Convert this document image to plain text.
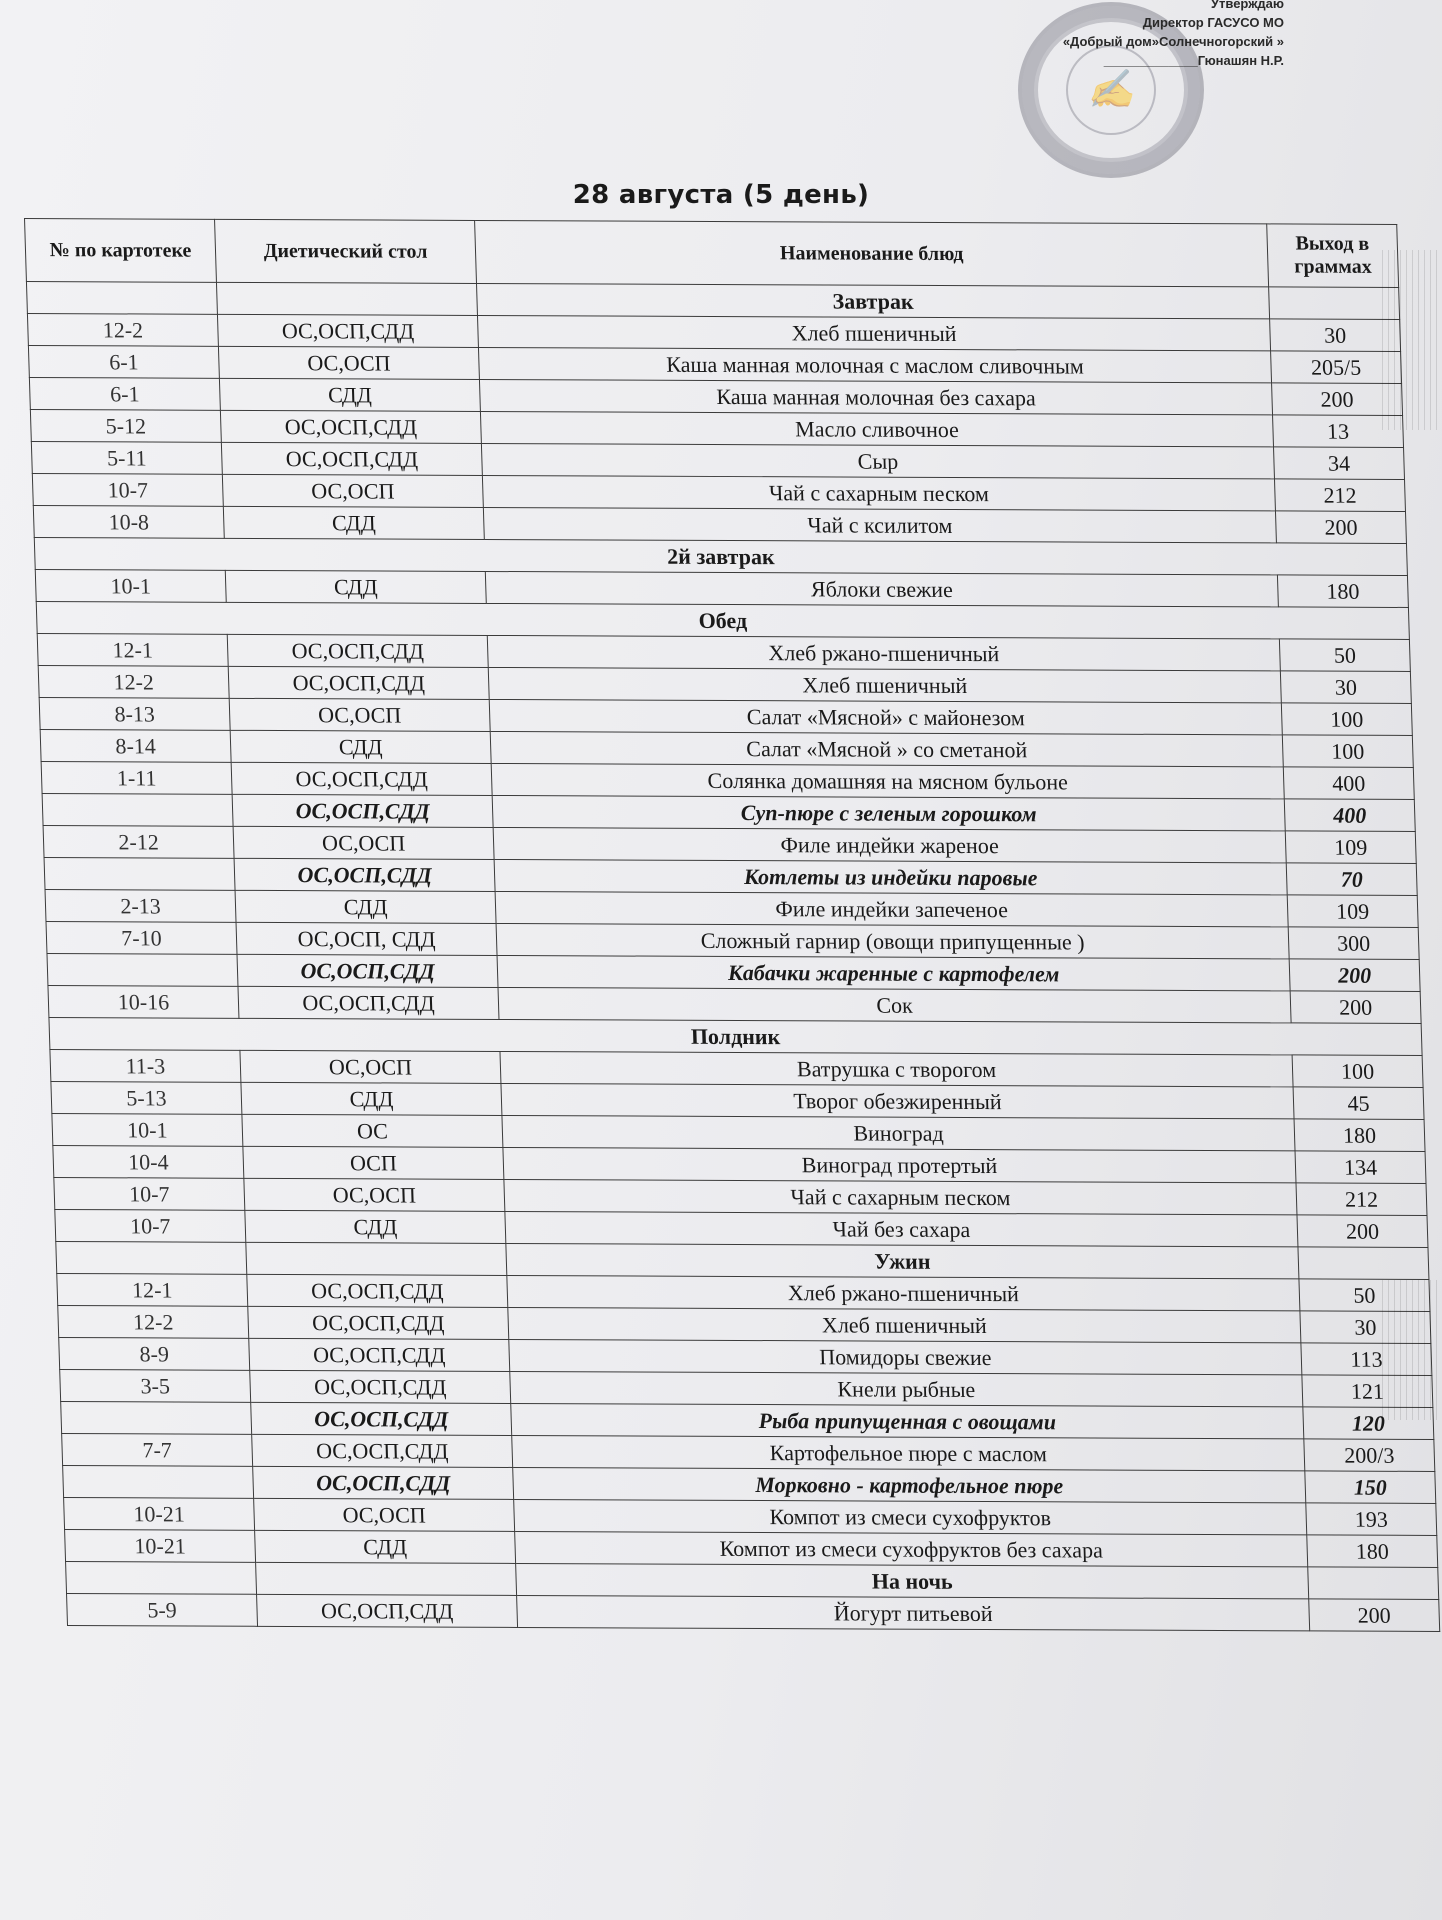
✍
Утверждаю
Директор ГАСУСО МО
«Добрый дом»Солнечногорский »
_____________Гюнашян Н.Р.
28 августа (5 день)
№ по картотеке	Диетический стол	Наименование блюд	Выход в граммах
		Завтрак	
12-2	ОС,ОСП,СДД	Хлеб пшеничный	30
6-1	ОС,ОСП	Каша манная молочная с маслом сливочным	205/5
6-1	СДД	Каша манная молочная без сахара	200
5-12	ОС,ОСП,СДД	Масло сливочное	13
5-11	ОС,ОСП,СДД	Сыр	34
10-7	ОС,ОСП	Чай с сахарным песком	212
10-8	СДД	Чай с ксилитом	200
2й завтрак			
10-1	СДД	Яблоки свежие	180
Обед			
12-1	ОС,ОСП,СДД	Хлеб ржано-пшеничный	50
12-2	ОС,ОСП,СДД	Хлеб пшеничный	30
8-13	ОС,ОСП	Салат «Мясной» с майонезом	100
8-14	СДД	Салат «Мясной » со сметаной	100
1-11	ОС,ОСП,СДД	Солянка домашняя на мясном бульоне	400
	ОС,ОСП,СДД	Суп-пюре с зеленым горошком	400
2-12	ОС,ОСП	Филе индейки жареное	109
	ОС,ОСП,СДД	Котлеты из индейки паровые	70
2-13	СДД	Филе индейки запеченое	109
7-10	ОС,ОСП, СДД	Сложный гарнир (овощи припущенные )	300
	ОС,ОСП,СДД	Кабачки жаренные с картофелем	200
10-16	ОС,ОСП,СДД	Сок	200
Полдник			
11-3	ОС,ОСП	Ватрушка с творогом	100
5-13	СДД	Творог обезжиренный	45
10-1	ОС	Виноград	180
10-4	ОСП	Виноград протертый	134
10-7	ОС,ОСП	Чай с сахарным песком	212
10-7	СДД	Чай без сахара	200
		Ужин	
12-1	ОС,ОСП,СДД	Хлеб ржано-пшеничный	50
12-2	ОС,ОСП,СДД	Хлеб пшеничный	30
8-9	ОС,ОСП,СДД	Помидоры свежие	113
3-5	ОС,ОСП,СДД	Кнели рыбные	121
	ОС,ОСП,СДД	Рыба припущенная с овощами	120
7-7	ОС,ОСП,СДД	Картофельное пюре с маслом	200/3
	ОС,ОСП,СДД	Морковно - картофельное пюре	150
10-21	ОС,ОСП	Компот из смеси сухофруктов	193
10-21	СДД	Компот из смеси сухофруктов без сахара	180
		На ночь	
5-9	ОС,ОСП,СДД	Йогурт питьевой	200
